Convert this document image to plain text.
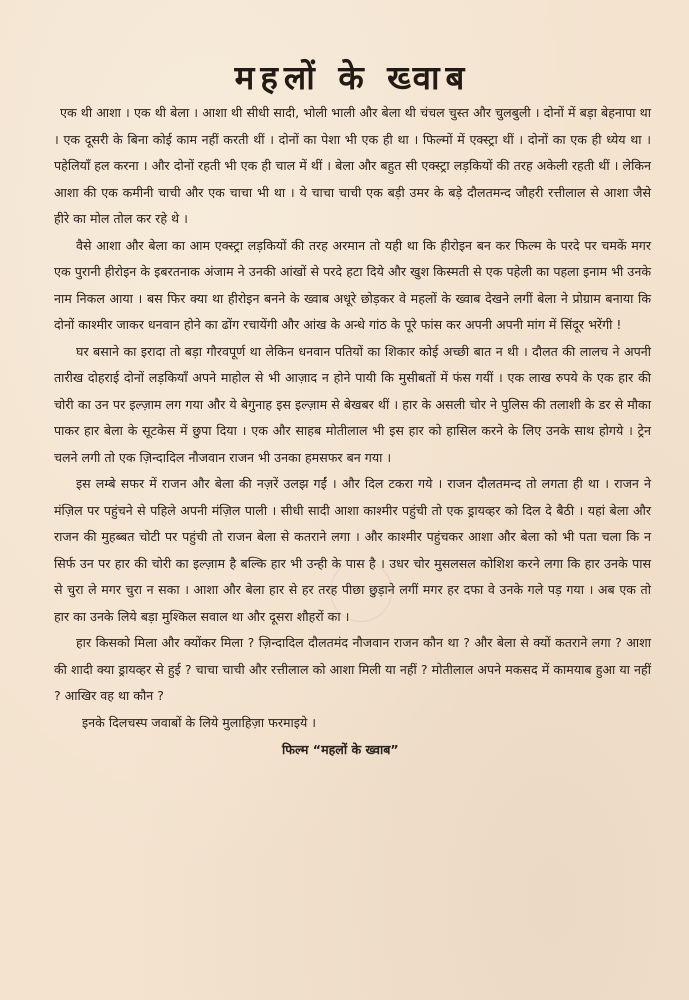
महलों के ख्वाब

एक थी आशा । एक थी बेला । आशा थी सीधी सादी, भोली भाली और बेला थी चंचल चुस्त और चुलबुली । दोनों में बड़ा बेहनापा था । एक दूसरी के बिना कोई काम नहीं करती थीं । दोनों का पेशा भी एक ही था । फिल्मों में एक्स्ट्रा थीं । दोनों का एक ही ध्येय था । पहेलियाँ हल करना । और दोनों रहती भी एक ही चाल में थीं । बेला और बहुत सी एक्स्ट्रा लड़कियों की तरह अकेली रहती थीं । लेकिन आशा की एक कमीनी चाची और एक चाचा भी था । ये चाचा चाची एक बड़ी उमर के बड़े दौलतमन्द जौहरी रत्तीलाल से आशा जैसे हीरे का मोल तोल कर रहे थे ।

वैसे आशा और बेला का आम एक्स्ट्रा लड़कियों की तरह अरमान तो यही था कि हीरोइन बन कर फिल्म के परदे पर चमकें मगर एक पुरानी हीरोइन के इबरतनाक अंजाम ने उनकी आंखों से परदे हटा दिये और खुश किस्मती से एक पहेली का पहला इनाम भी उनके नाम निकल आया । बस फिर क्या था हीरोइन बनने के ख्वाब अधूरे छोड़कर वे महलों के ख्वाब देखने लगीं बेला ने प्रोग्राम बनाया कि दोनों काश्मीर जाकर धनवान होने का ढोंग रचायेंगी और आंख के अन्धे गांठ के पूरे फांस कर अपनी अपनी मांग में सिंदूर भरेंगी !

घर बसाने का इरादा तो बड़ा गौरवपूर्ण था लेकिन धनवान पतियों का शिकार कोई अच्छी बात न थी । दौलत की लालच ने अपनी तारीख दोहराई दोनों लड़कियाँ अपने माहोल से भी आज़ाद न होने पायी कि मुसीबतों में फंस गयीं । एक लाख रुपये के एक हार की चोरी का उन पर इल्ज़ाम लग गया और ये बेगुनाह इस इल्ज़ाम से बेखबर थीं । हार के असली चोर ने पुलिस की तलाशी के डर से मौका पाकर हार बेला के सूटकेस में छुपा दिया । एक और साहब मोतीलाल भी इस हार को हासिल करने के लिए उनके साथ होगये । ट्रेन चलने लगी तो एक ज़िन्दादिल नौजवान राजन भी उनका हमसफर बन गया ।

इस लम्बे सफर में राजन और बेला की नज़रें उलझ गईं । और दिल टकरा गये । राजन दौलतमन्द तो लगता ही था । राजन ने मंज़िल पर पहुंचने से पहिले अपनी मंज़िल पाली । सीधी सादी आशा काश्मीर पहुंची तो एक ड्रायव्हर को दिल दे बैठी । यहां बेला और राजन की मुहब्बत चोटी पर पहुंची तो राजन बेला से कतराने लगा । और काश्मीर पहुंचकर आशा और बेला को भी पता चला कि न सिर्फ उन पर हार की चोरी का इल्ज़ाम है बल्कि हार भी उन्ही के पास है । उधर चोर मुसलसल कोशिश करने लगा कि हार उनके पास से चुरा ले मगर चुरा न सका । आशा और बेला हार से हर तरह पीछा छुड़ाने लगीं मगर हर दफा वे उनके गले पड़ गया । अब एक तो हार का उनके लिये बड़ा मुश्किल सवाल था और दूसरा शौहरों का ।

हार किसको मिला और क्योंकर मिला ? ज़िन्दादिल दौलतमंद नौजवान राजन कौन था ? और बेला से क्यों कतराने लगा ? आशा की शादी क्या ड्रायव्हर से हुई ? चाचा चाची और रत्तीलाल को आशा मिली या नहीं ? मोतीलाल अपने मकसद में कामयाब हुआ या नहीं ? आखिर वह था कौन ?

इनके दिलचस्प जवाबों के लिये मुलाहिज़ा फरमाइये ।

फिल्म “महलों के ख्वाब”
